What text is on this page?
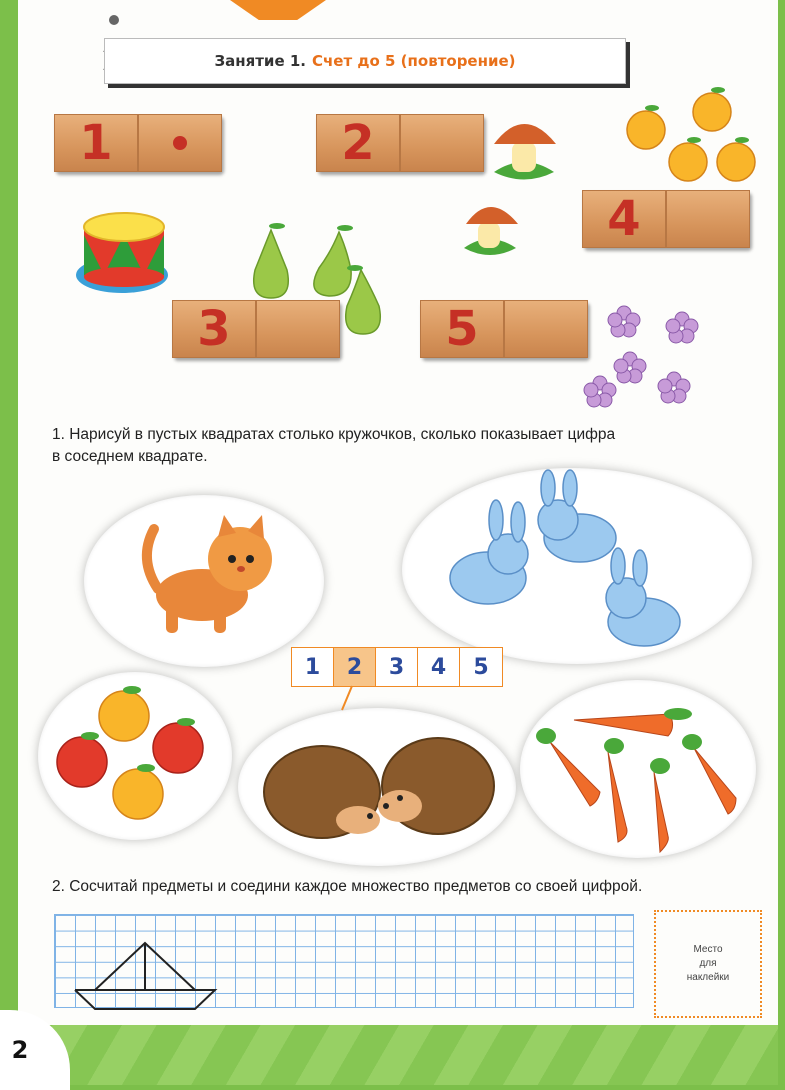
Занятие 1. Счет до 5 (повторение)
1	2
4
3	5
1. Нарисуй в пустых квадратах столько кружочков, сколько показывает цифра
в соседнем квадрате.
1	2	3	4	5
2. Сосчитай предметы и соедини каждое множество предметов со своей цифрой.
Место
для
наклейки
2
